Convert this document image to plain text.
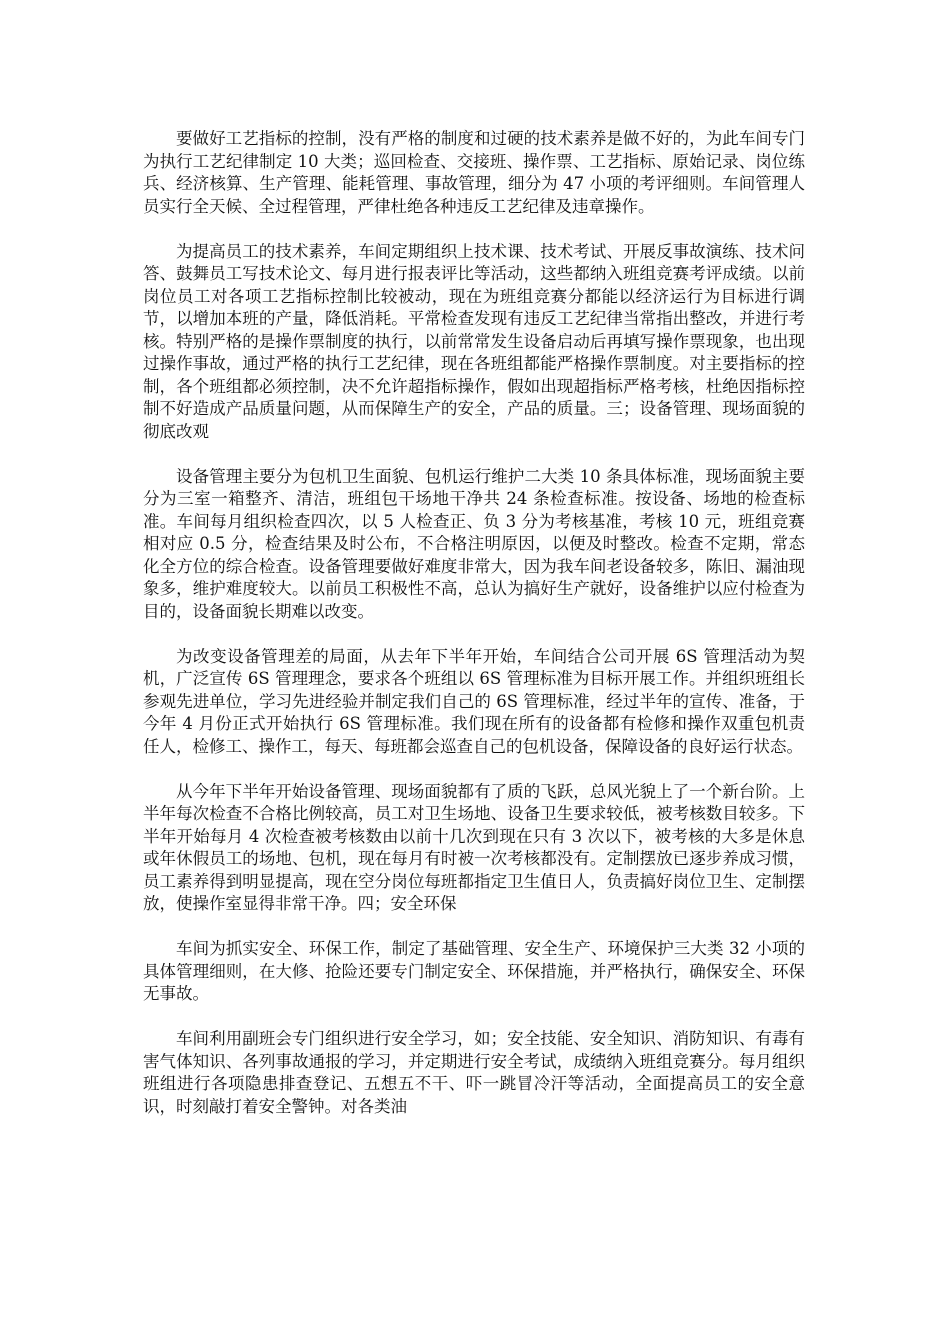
要做好工艺指标的控制，没有严格的制度和过硬的技术素养是做不好的，为此车间专门为执行工艺纪律制定 10 大类；巡回检查、交接班、操作票、工艺指标、原始记录、岗位练兵、经济核算、生产管理、能耗管理、事故管理，细分为 47 小项的考评细则。车间管理人员实行全天候、全过程管理，严律杜绝各种违反工艺纪律及违章操作。

为提高员工的技术素养，车间定期组织上技术课、技术考试、开展反事故演练、技术问答、鼓舞员工写技术论文、每月进行报表评比等活动，这些都纳入班组竞赛考评成绩。以前岗位员工对各项工艺指标控制比较被动，现在为班组竞赛分都能以经济运行为目标进行调节，以增加本班的产量，降低消耗。平常检查发现有违反工艺纪律当常指出整改，并进行考核。特别严格的是操作票制度的执行，以前常常发生设备启动后再填写操作票现象，也出现过操作事故，通过严格的执行工艺纪律，现在各班组都能严格操作票制度。对主要指标的控制，各个班组都必须控制，决不允许超指标操作，假如出现超指标严格考核，杜绝因指标控制不好造成产品质量问题，从而保障生产的安全，产品的质量。三；设备管理、现场面貌的彻底改观

设备管理主要分为包机卫生面貌、包机运行维护二大类 10 条具体标准，现场面貌主要分为三室一箱整齐、清洁，班组包干场地干净共 24 条检查标准。按设备、场地的检查标准。车间每月组织检查四次，以 5 人检查正、负 3 分为考核基准，考核 10 元，班组竞赛相对应 0.5 分，检查结果及时公布，不合格注明原因，以便及时整改。检查不定期，常态化全方位的综合检查。设备管理要做好难度非常大，因为我车间老设备较多，陈旧、漏油现象多，维护难度较大。以前员工积极性不高，总认为搞好生产就好，设备维护以应付检查为目的，设备面貌长期难以改变。

为改变设备管理差的局面，从去年下半年开始，车间结合公司开展 6S 管理活动为契机，广泛宣传 6S 管理理念，要求各个班组以 6S 管理标准为目标开展工作。并组织班组长参观先进单位，学习先进经验并制定我们自己的 6S 管理标准，经过半年的宣传、准备，于今年 4 月份正式开始执行 6S 管理标准。我们现在所有的设备都有检修和操作双重包机责任人，检修工、操作工，每天、每班都会巡查自己的包机设备，保障设备的良好运行状态。

从今年下半年开始设备管理、现场面貌都有了质的飞跃，总风光貌上了一个新台阶。上半年每次检查不合格比例较高，员工对卫生场地、设备卫生要求较低，被考核数目较多。下半年开始每月 4 次检查被考核数由以前十几次到现在只有 3 次以下，被考核的大多是休息或年休假员工的场地、包机，现在每月有时被一次考核都没有。定制摆放已逐步养成习惯，员工素养得到明显提高，现在空分岗位每班都指定卫生值日人，负责搞好岗位卫生、定制摆放，使操作室显得非常干净。四；安全环保

车间为抓实安全、环保工作，制定了基础管理、安全生产、环境保护三大类 32 小项的具体管理细则，在大修、抢险还要专门制定安全、环保措施，并严格执行，确保安全、环保无事故。

车间利用副班会专门组织进行安全学习，如；安全技能、安全知识、消防知识、有毒有害气体知识、各列事故通报的学习，并定期进行安全考试，成绩纳入班组竞赛分。每月组织班组进行各项隐患排查登记、五想五不干、吓一跳冒冷汗等活动，全面提高员工的安全意识，时刻敲打着安全警钟。对各类油
